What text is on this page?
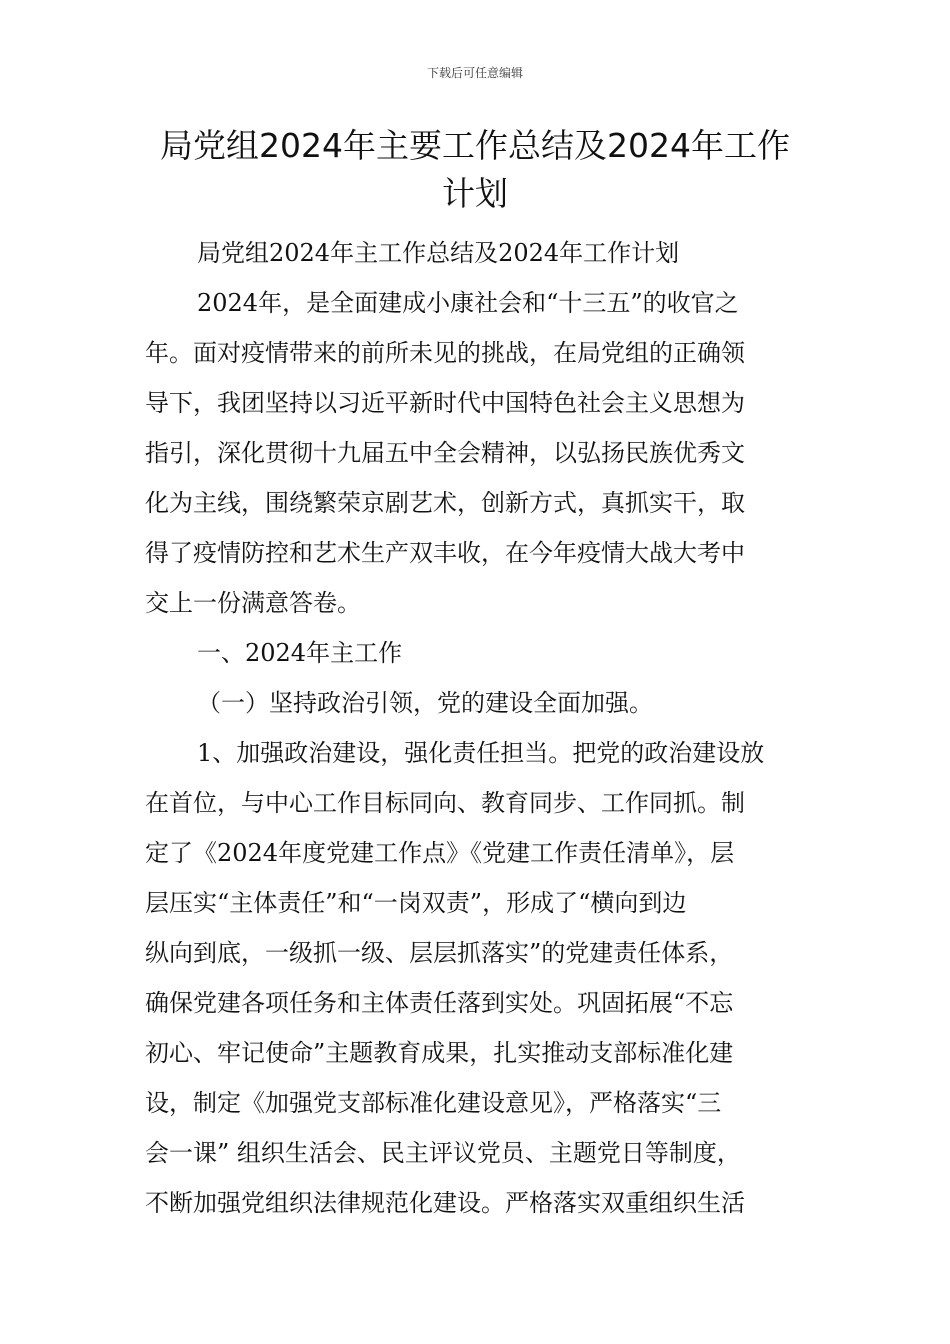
下载后可任意编辑
局党组2024年主要工作总结及2024年工作
计划

局党组2024年主工作总结及2024年工作计划

2024年，是全面建成小康社会和“十三五”的收官之

年。面对疫情带来的前所未见的挑战，在局党组的正确领

导下，我团坚持以习近平新时代中国特色社会主义思想为

指引，深化贯彻十九届五中全会精神，以弘扬民族优秀文

化为主线，围绕繁荣京剧艺术，创新方式，真抓实干，取

得了疫情防控和艺术生产双丰收，在今年疫情大战大考中

交上一份满意答卷。

一、2024年主工作

（一）坚持政治引领，党的建设全面加强。

1、加强政治建设，强化责任担当。把党的政治建设放

在首位，与中心工作目标同向、教育同步、工作同抓。制

定了《2024年度党建工作点》《党建工作责任清单》，层

层压实“主体责任”和“一岗双责”，形成了“横向到边

纵向到底，一级抓一级、层层抓落实”的党建责任体系，

确保党建各项任务和主体责任落到实处。巩固拓展“不忘

初心、牢记使命”主题教育成果，扎实推动支部标准化建

设，制定《加强党支部标准化建设意见》，严格落实“三

会一课” 组织生活会、民主评议党员、主题党日等制度，

不断加强党组织法律规范化建设。严格落实双重组织生活
